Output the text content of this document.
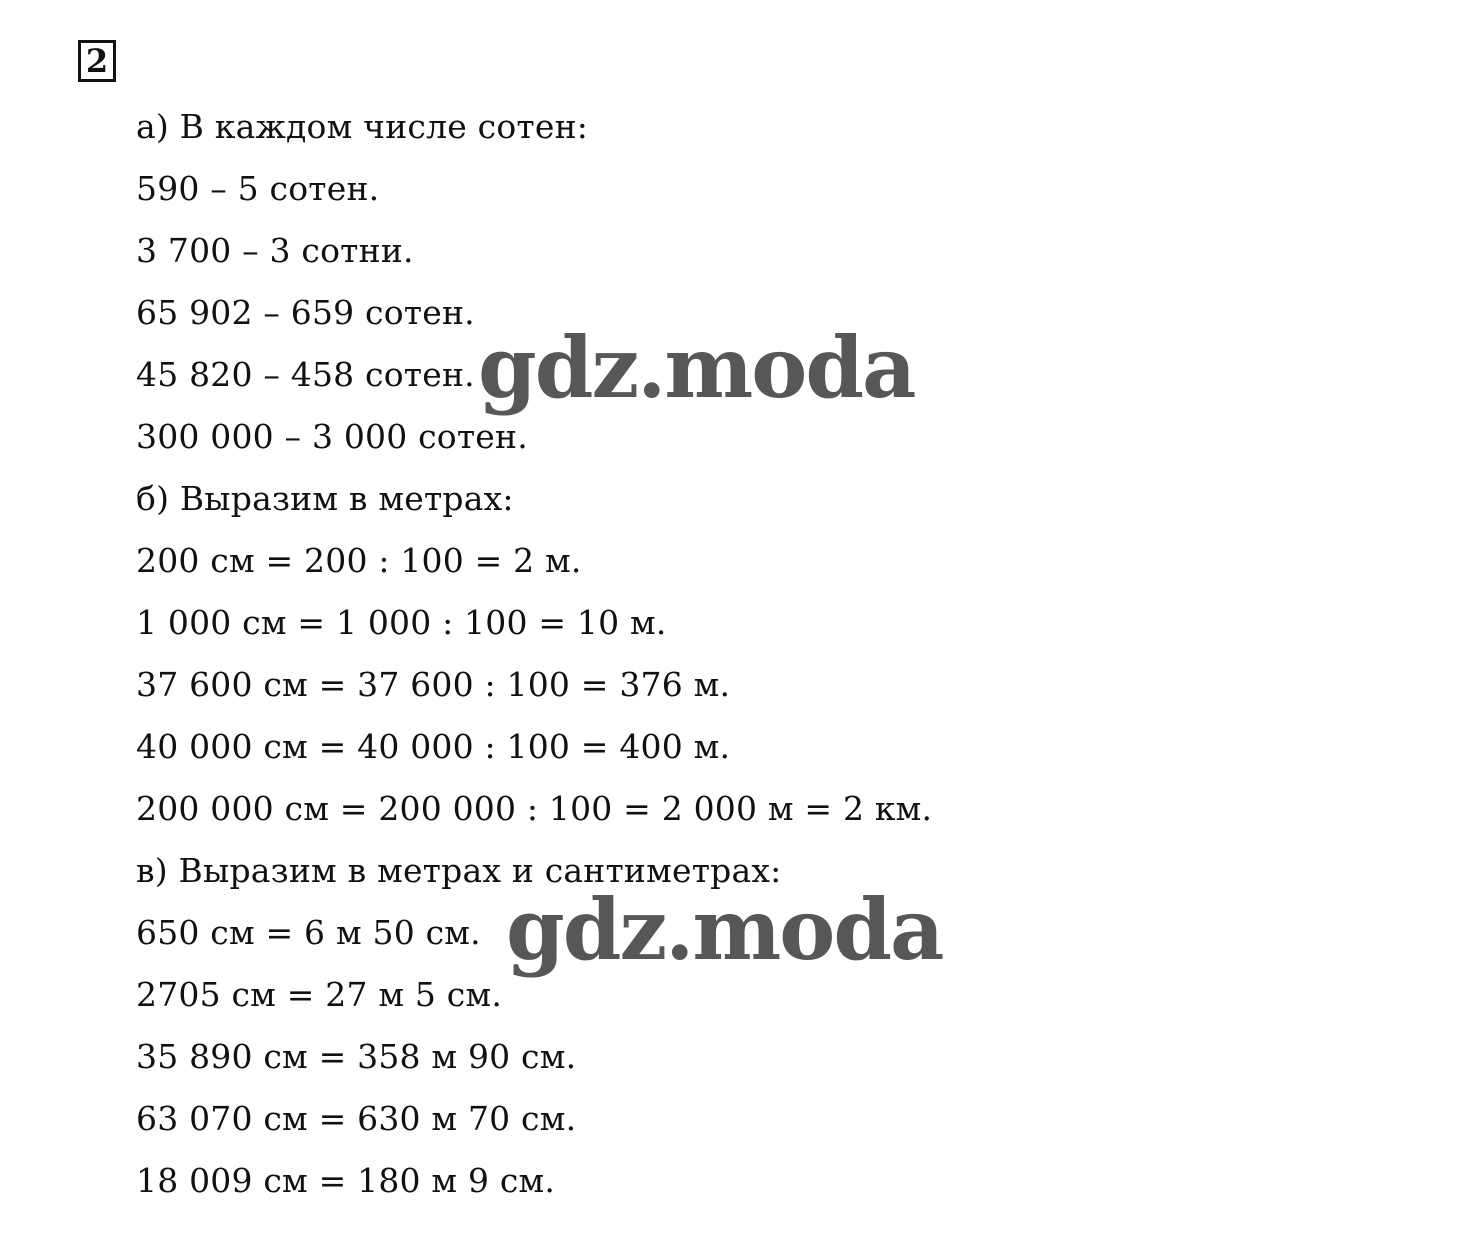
2
а) В каждом числе сотен:
590 – 5 сотен.
3 700 – 3 сотни.
65 902 – 659 сотен.
45 820 – 458 сотен.
300 000 – 3 000 сотен.
б) Выразим в метрах:
200 см = 200 : 100 = 2 м.
1 000 см = 1 000 : 100 = 10 м.
37 600 см = 37 600 : 100 = 376 м.
40 000 см = 40 000 : 100 = 400 м.
200 000 см = 200 000 : 100 = 2 000 м = 2 км.
в) Выразим в метрах и сантиметрах:
650 см = 6 м 50 см.
2705 см = 27 м 5 см.
35 890 см = 358 м 90 см.
63 070 см = 630 м 70 см.
18 009 см = 180 м 9 см.
gdz.moda
gdz.moda
